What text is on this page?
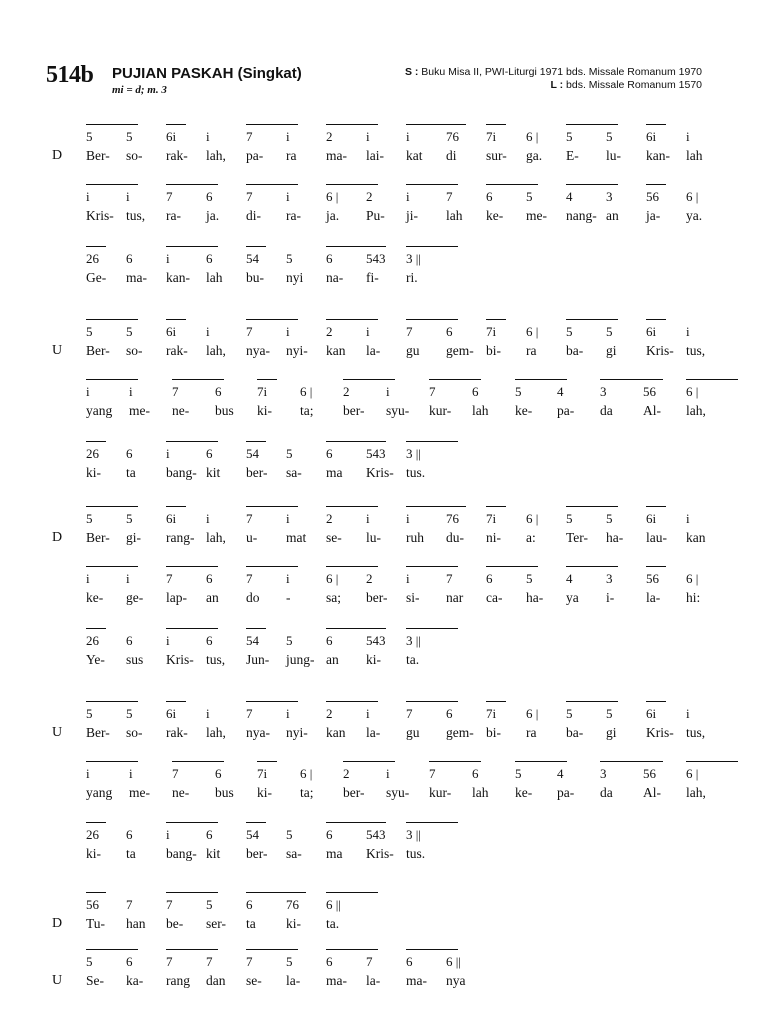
514b PUJIAN PASKAH (Singkat)
mi = d; m. 3
S : Buku Misa II, PWI-Liturgi 1971 bds. Missale Romanum 1970
L : bds. Missale Romanum 1570
D
5	5	6i i	7	i	2	i	i	76 7i 6 | 5	5	6i i
Ber- so- rak- lah, pa- ra ma- lai- kat di sur- ga. E- lu- kan- lah
i	i	7	6	7	i	6 | 2	i	7	6	5	4	3	56 6 |
Kris- tus, ra- ja. di- ra- ja. Pu- ji- lah ke- me- nang- an ja- ya.
26 6	i	6	54 5	6	543 3 ||
Ge- ma- kan- lah bu- nyi na- fi- ri.
U
5	5	6i i	7	i	2	i	7	6	7i 6 | 5	5	6i i
Ber- so- rak- lah, nya- nyi- kan la- gu gem- bi- ra ba- gi Kris- tus,
i	i	7	6	7i	6 | 2	i	7	6	5	4	3	56 6 |
yang me- ne- bus ki- ta; ber- syu- kur- lah ke- pa- da Al- lah,
26 6	i	6	54 5	6	543 3 ||
ki- ta bang- kit ber- sa- ma Kris- tus.
D
5	5	6i i	7	i	2	i	i	76 7i 6 | 5	5	6i i
Ber- gi- rang- lah, u- mat se- lu- ruh du- ni- a: Ter- ha- lau- kan
i	i	7	6	7	i	6 | 2	i	7	6	5	4	3	56 6 |
ke- ge- lap- an do -	sa; ber- si- nar ca- ha- ya i- la- hi:
26 6	i	6	54 5	6	543 3 ||
Ye- sus Kris- tus, Jun- jung- an ki- ta.
U
5	5	6i i	7	i	2	i	7	6	7i 6 | 5	5	6i i
Ber- so- rak- lah, nya- nyi- kan la- gu gem- bi- ra ba- gi Kris- tus,
i	i	7	6	7i	6 | 2	i	7	6	5	4	3	56 6 |
yang me- ne- bus ki- ta; ber- syu- kur- lah ke- pa- da Al- lah,
26 6	i	6	54 5	6	543 3 ||
ki- ta bang- kit ber- sa- ma Kris- tus.
D
56 7	7	5	6	76 6 ||
Tu- han be- ser- ta ki- ta.
U
5	6	7	7	7	5	6	7	6	6 ||
Se- ka- rang dan se- la- ma- la- ma- nya
